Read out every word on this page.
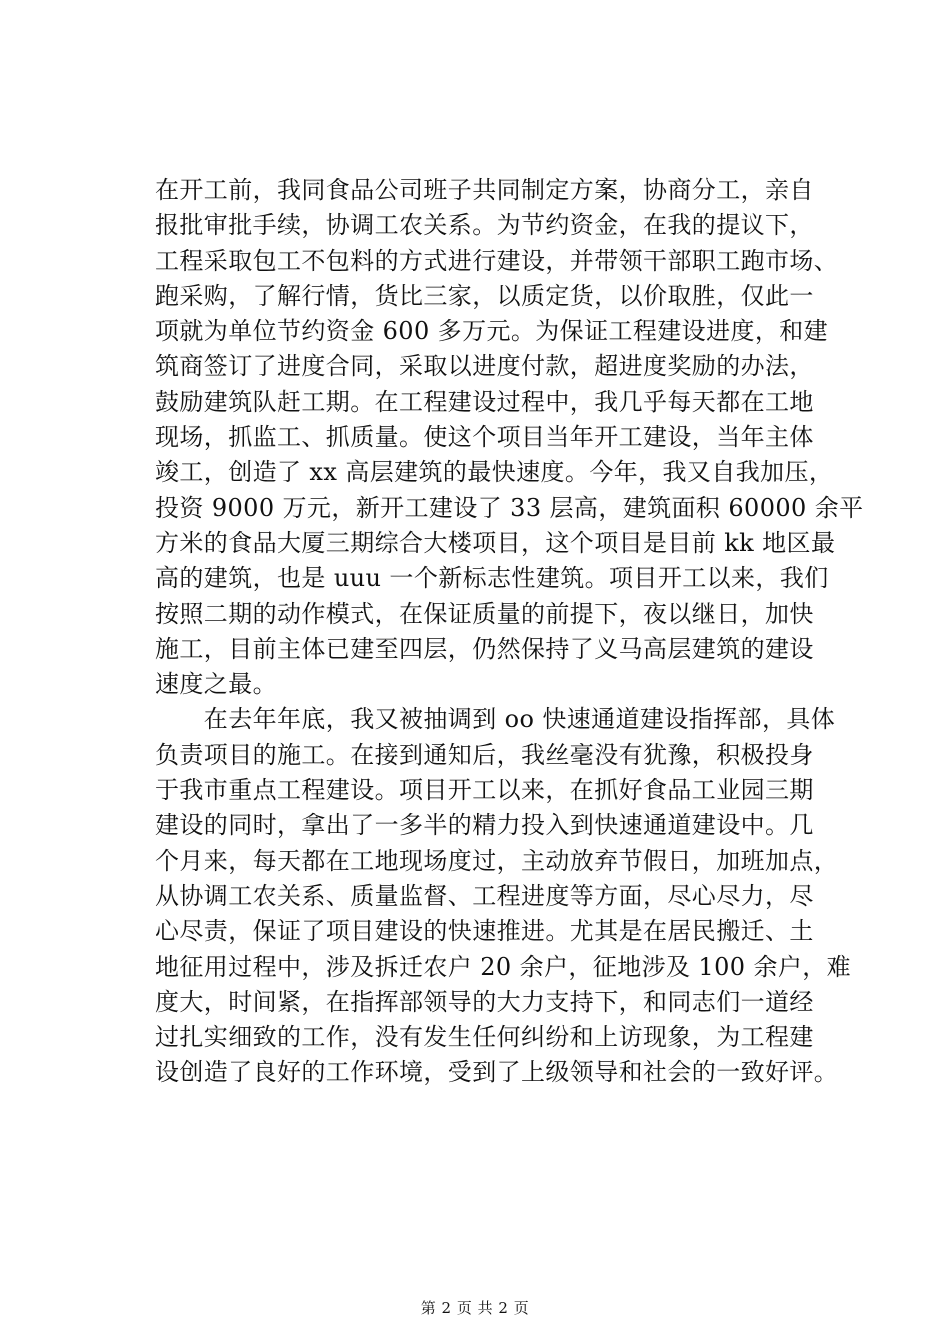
在开工前，我同食品公司班子共同制定方案，协商分工，亲自
报批审批手续，协调工农关系。为节约资金，在我的提议下，
工程采取包工不包料的方式进行建设，并带领干部职工跑市场、
跑采购，了解行情，货比三家，以质定货，以价取胜，仅此一
项就为单位节约资金 600 多万元。为保证工程建设进度，和建
筑商签订了进度合同，采取以进度付款，超进度奖励的办法，
鼓励建筑队赶工期。在工程建设过程中，我几乎每天都在工地
现场，抓监工、抓质量。使这个项目当年开工建设，当年主体
竣工，创造了 xx 高层建筑的最快速度。今年，我又自我加压，
投资 9000 万元，新开工建设了 33 层高，建筑面积 60000 余平
方米的食品大厦三期综合大楼项目，这个项目是目前 kk 地区最
高的建筑，也是 uuu 一个新标志性建筑。项目开工以来，我们
按照二期的动作模式，在保证质量的前提下，夜以继日，加快
施工，目前主体已建至四层，仍然保持了义马高层建筑的建设
速度之最。
　　在去年年底，我又被抽调到 oo 快速通道建设指挥部，具体
负责项目的施工。在接到通知后，我丝毫没有犹豫，积极投身
于我市重点工程建设。项目开工以来，在抓好食品工业园三期
建设的同时，拿出了一多半的精力投入到快速通道建设中。几
个月来，每天都在工地现场度过，主动放弃节假日，加班加点，
从协调工农关系、质量监督、工程进度等方面，尽心尽力，尽
心尽责，保证了项目建设的快速推进。尤其是在居民搬迁、土
地征用过程中，涉及拆迁农户 20 余户，征地涉及 100 余户，难
度大，时间紧，在指挥部领导的大力支持下，和同志们一道经
过扎实细致的工作，没有发生任何纠纷和上访现象，为工程建
设创造了良好的工作环境，受到了上级领导和社会的一致好评。
第 2 页 共 2 页
